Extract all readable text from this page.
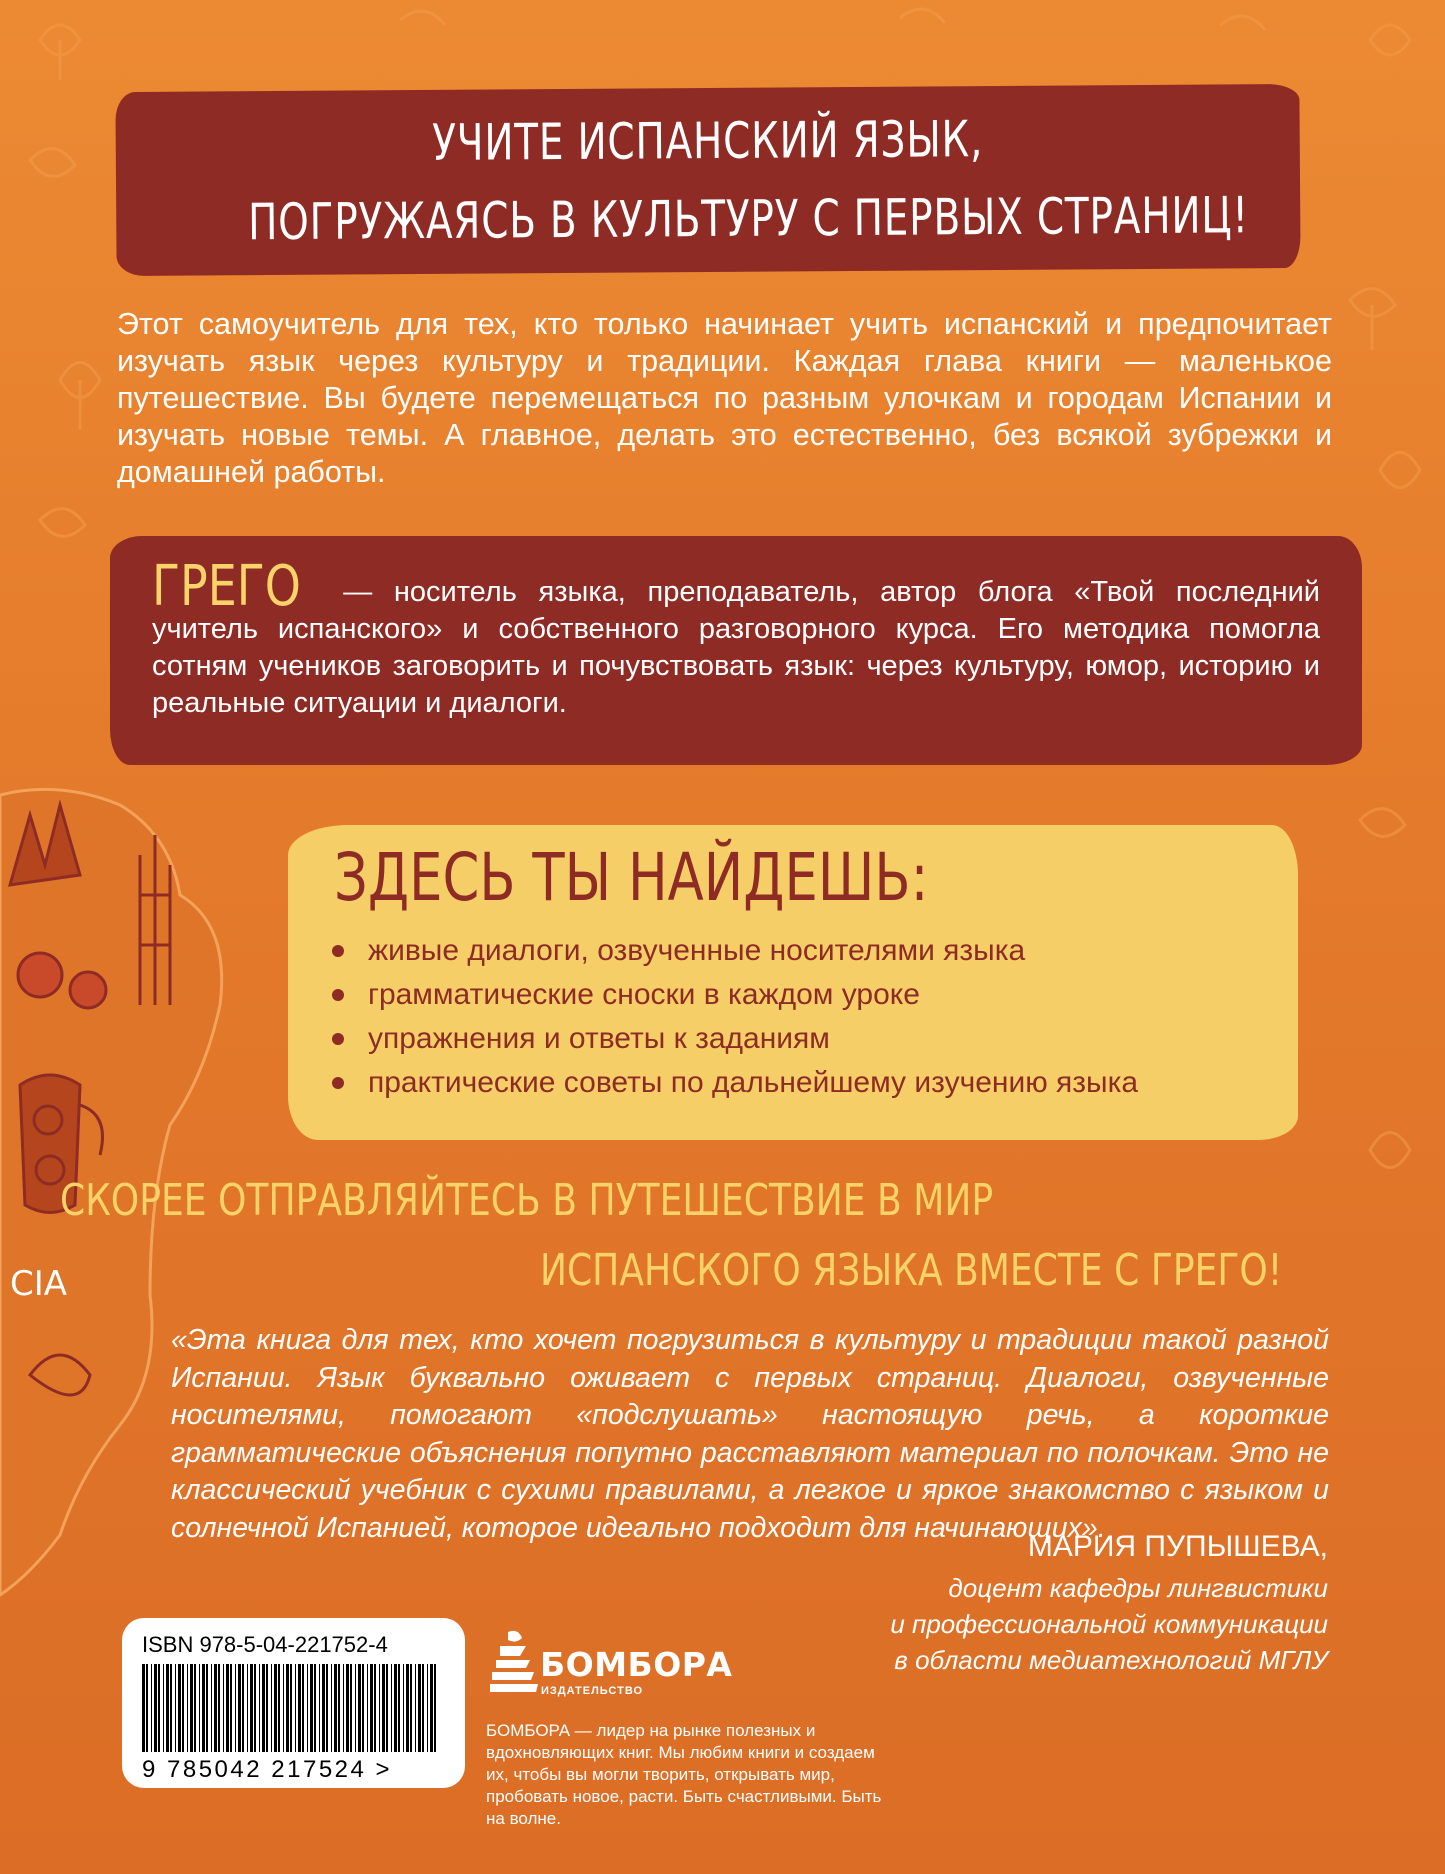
CIA
УЧИТЕ ИСПАНСКИЙ ЯЗЫК,
ПОГРУЖАЯСЬ В КУЛЬТУРУ С ПЕРВЫХ СТРАНИЦ!

Этот самоучитель для тех, кто только начинает учить испанский и предпочитает изучать язык через культуру и традиции. Каждая глава книги — маленькое путешествие. Вы будете перемещаться по разным улочкам и городам Испании и изучать новые темы. А главное, делать это естественно, без всякой зубрежки и домашней работы.

ГРЕГО — носитель языка, преподаватель, автор блога «Твой последний учитель испанского» и собственного разговорного курса. Его методика помогла сотням учеников заговорить и почувствовать язык: через культуру, юмор, историю и реальные ситуации и диалоги.

ЗДЕСЬ ТЫ НАЙДЕШЬ:
живые диалоги, озвученные носителями языка
грамматические сноски в каждом уроке
упражнения и ответы к заданиям
практические советы по дальнейшему изучению языка

СКОРЕЕ ОТПРАВЛЯЙТЕСЬ В ПУТЕШЕСТВИЕ В МИР

ИСПАНСКОГО ЯЗЫКА ВМЕСТЕ С ГРЕГО!

«Эта книга для тех, кто хочет погрузиться в культуру и традиции такой разной Испании. Язык буквально оживает с первых страниц. Диалоги, озвученные носителями, помогают «подслушать» настоящую речь, а короткие грамматические объяснения попутно расставляют материал по полочкам. Это не классический учебник с сухими правилами, а легкое и яркое знакомство с языком и солнечной Испанией, которое идеально подходит для начинающих».

МАРИЯ ПУПЫШЕВА,

доцент кафедры лингвистики
и профессиональной коммуникации
в области медиатехнологий МГЛУ

ISBN 978-5-04-221752-4

9 785042 217524 >

БОМБОРА

ИЗДАТЕЛЬСТВО

БОМБОРА — лидер на рынке полезных и вдохновляющих книг. Мы любим книги и создаем их, чтобы вы могли творить, открывать мир, пробовать новое, расти. Быть счастливыми. Быть на волне.
